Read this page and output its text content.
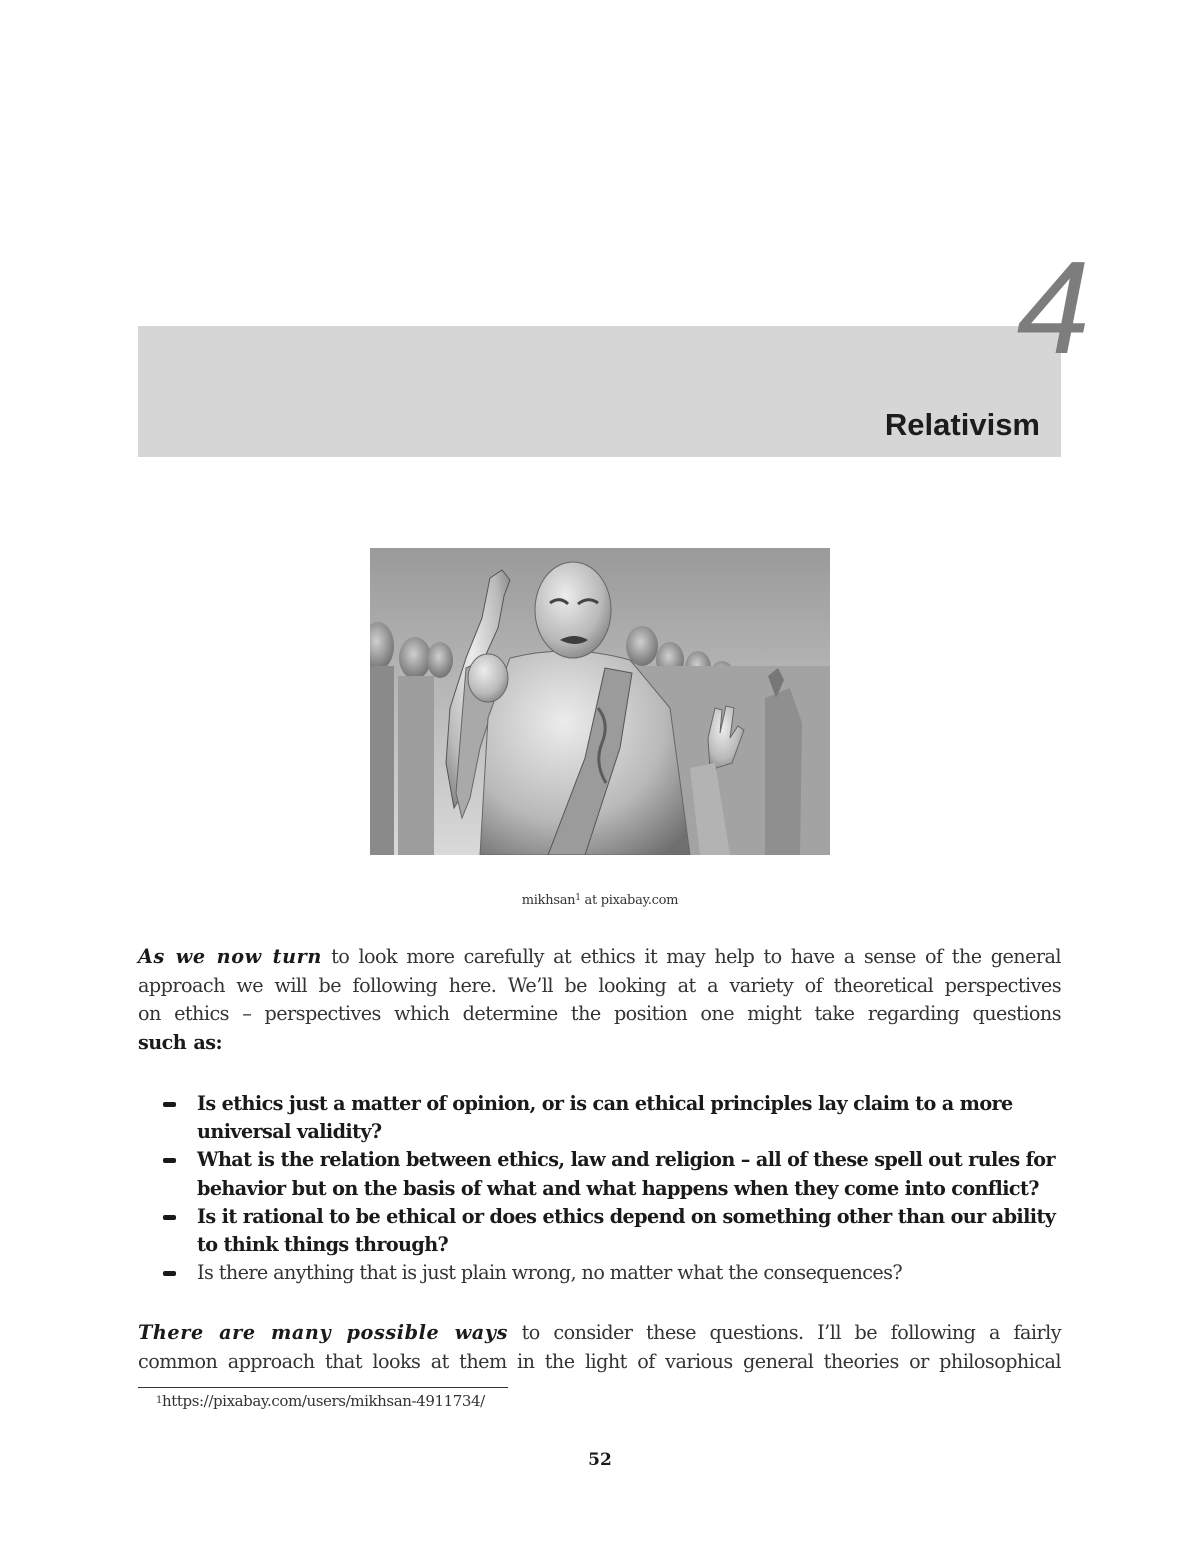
4
Relativism
mikhsan$^1$ at pixabay.com
As we now turn to look more carefully at ethics it may help to have a sense of the general
approach we will be following here. We’ll be looking at a variety of theoretical perspectives
on ethics – perspectives which determine the position one might take regarding questions
such as:
Is ethics just a matter of opinion, or is can ethical principles lay claim to a more
universal validity?
What is the relation between ethics, law and religion – all of these spell out rules for
behavior but on the basis of what and what happens when they come into conflict?
Is it rational to be ethical or does ethics depend on something other than our ability
to think things through?
Is there anything that is just plain wrong, no matter what the consequences?
There are many possible ways to consider these questions. I’ll be following a fairly
common approach that looks at them in the light of various general theories or philosophical
1 https://pixabay.com/users/mikhsan-4911734/
52
